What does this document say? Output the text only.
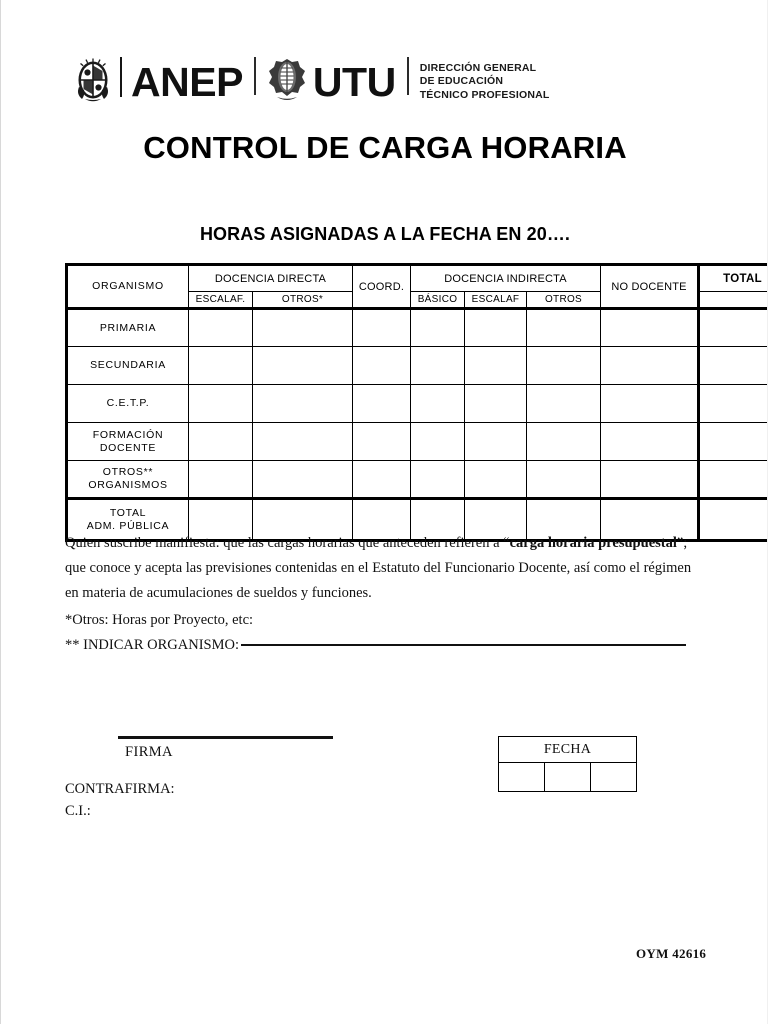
ANEP UTU DIRECCIÓN GENERAL
DE EDUCACIÓN
TÉCNICO PROFESIONAL
CONTROL DE CARGA HORARIA
HORAS ASIGNADAS A LA FECHA EN 20….
ORGANISMO	DOCENCIA DIRECTA		COORD.	DOCENCIA INDIRECTA			NO DOCENTE	TOTAL
	ESCALAF.	OTROS*		BÁSICO	ESCALAF	OTROS		
PRIMARIA								
SECUNDARIA								
C.E.T.P.								

FORMACIÓN
DOCENTE								

OTROS**
ORGANISMOS								

TOTAL
ADM. PÚBLICA								

Quien suscribe manifiesta: que las cargas horarias que anteceden refieren a “carga horaria presupuestal”; que conoce y acepta las previsiones contenidas en el Estatuto del Funcionario Docente, así como el régimen en materia de acumulaciones de sueldos y funciones.
*Otros: Horas por Proyecto, etc:
** INDICAR ORGANISMO:
FIRMA
CONTRAFIRMA:
C.I.:
FECHA

OYM 42616
